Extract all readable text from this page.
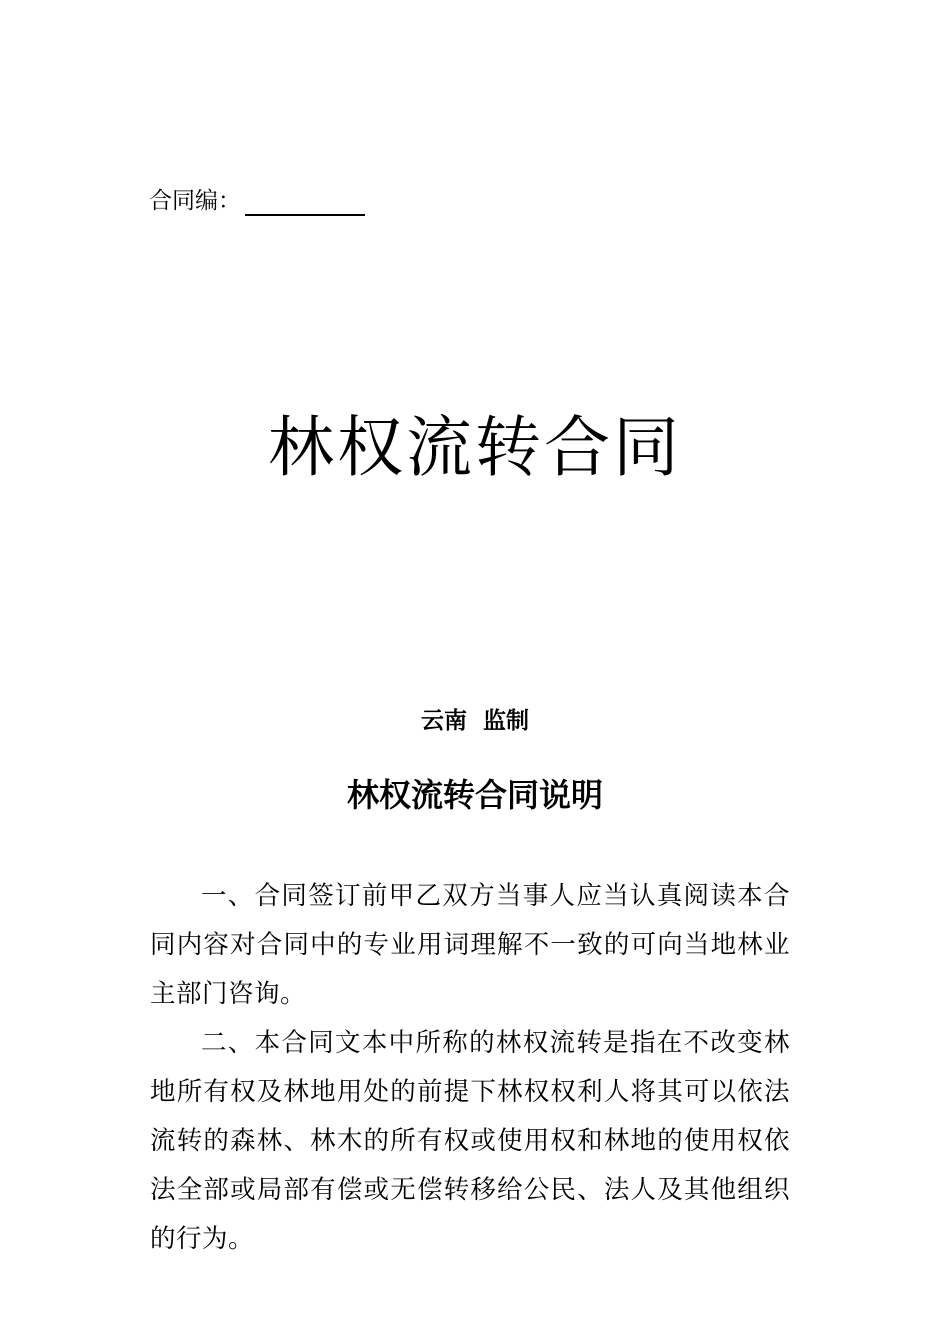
合同编：
林权流转合同
云南  监制
林权流转合同说明

一、合同签订前甲乙双方当事人应当认真阅读本合同内容对合同中的专业用词理解不一致的可向当地林业主部门咨询。

二、本合同文本中所称的林权流转是指在不改变林地所有权及林地用处的前提下林权权利人将其可以依法流转的森林、林木的所有权或使用权和林地的使用权依法全部或局部有偿或无偿转移给公民、法人及其他组织的行为。
